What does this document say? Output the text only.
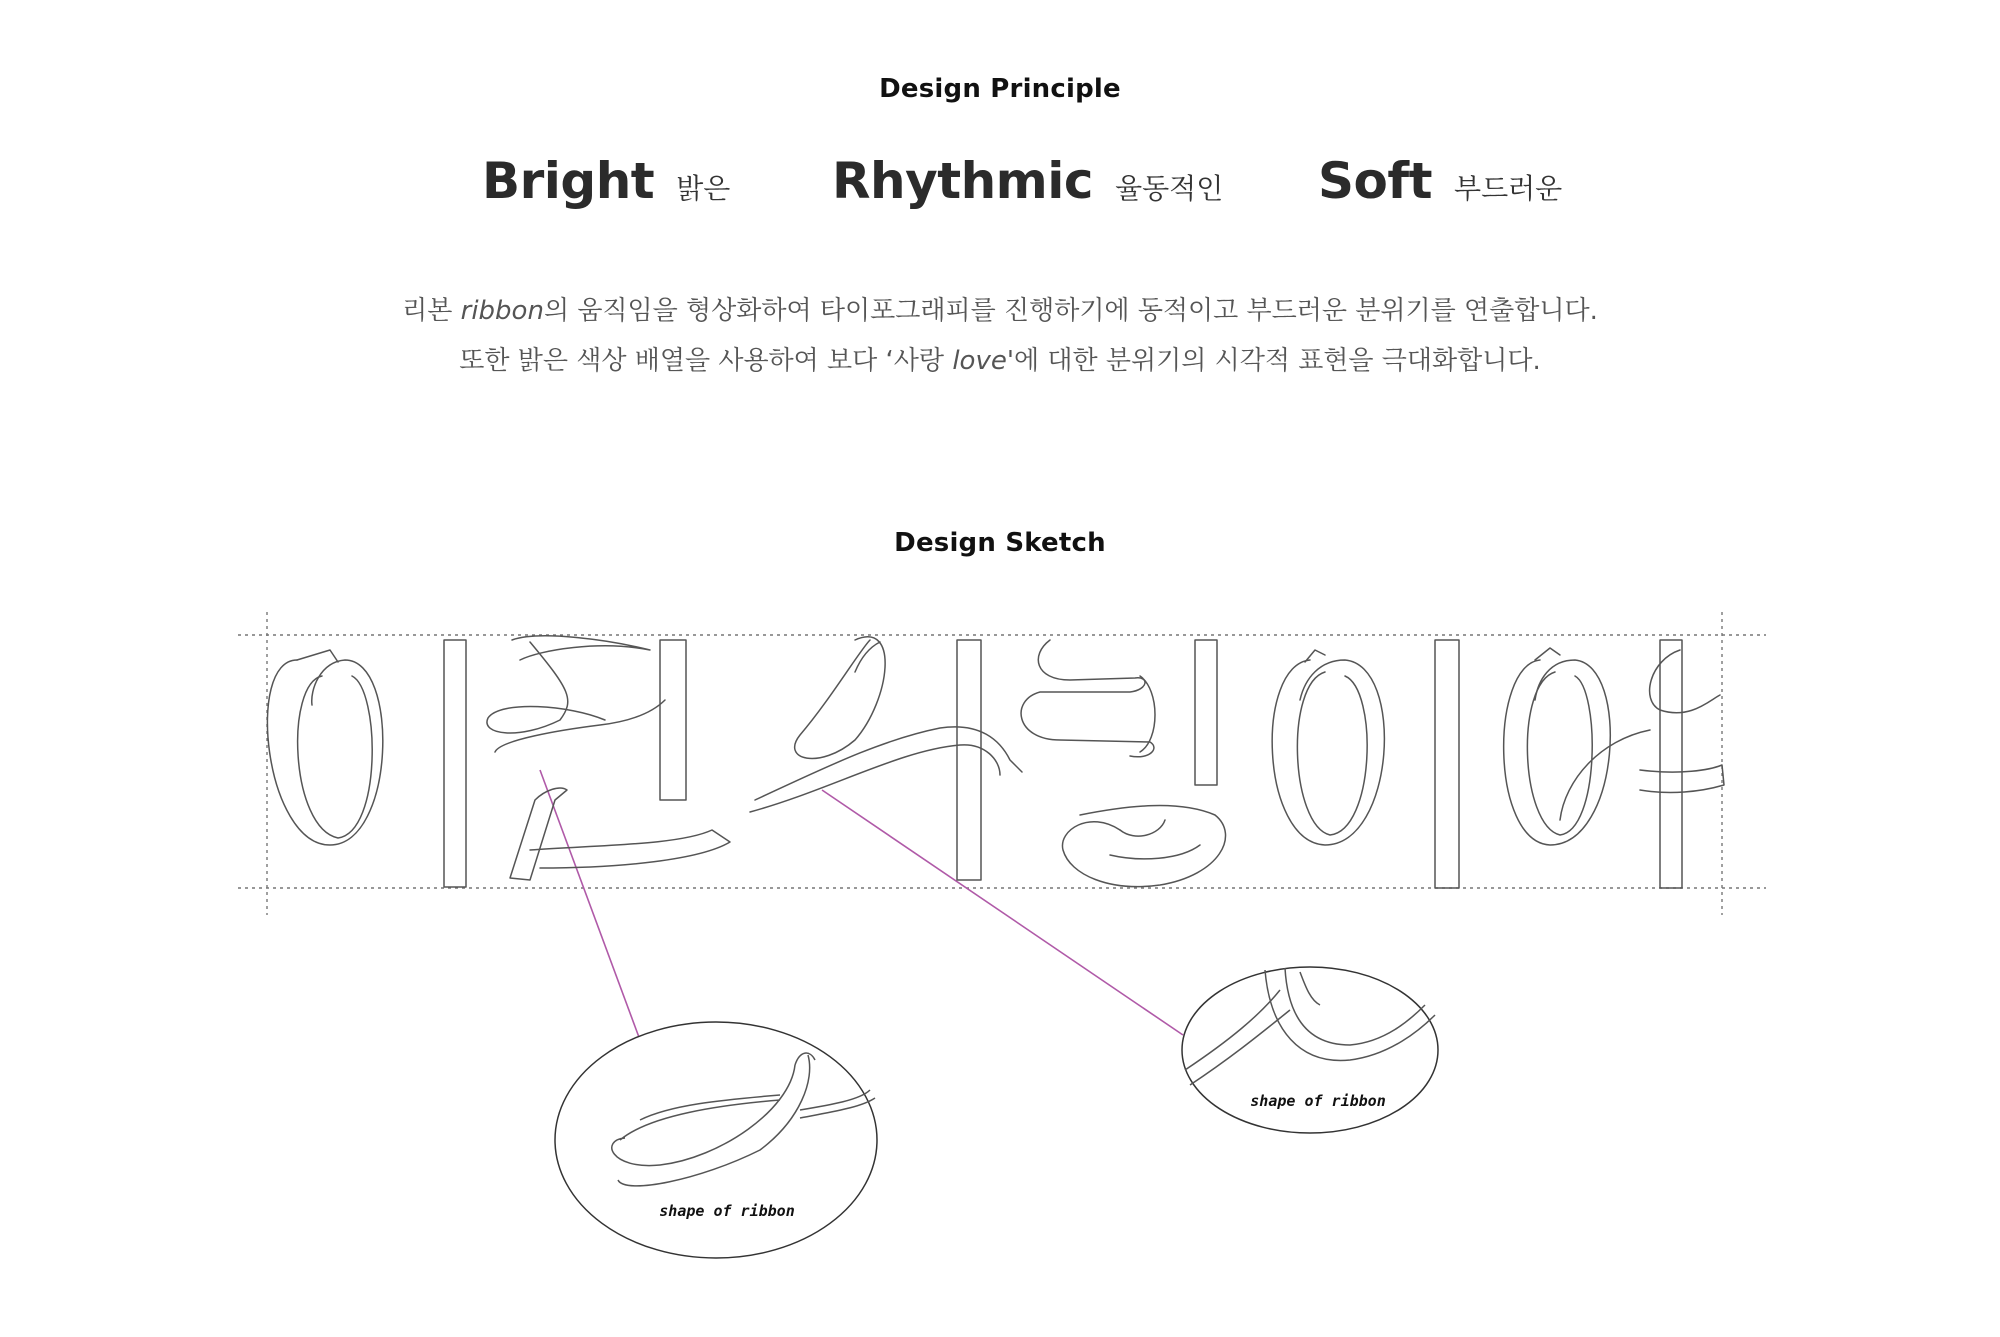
Design Principle
Bright 밝은 Rhythmic 율동적인 Soft 부드러운
리본 ribbon의 움직임을 형상화하여 타이포그래피를 진행하기에 동적이고 부드러운 분위기를 연출합니다.
또한 밝은 색상 배열을 사용하여 보다 ‘사랑 love'에 대한 분위기의 시각적 표현을 극대화합니다.
Design Sketch
shape of ribbon
shape of ribbon
